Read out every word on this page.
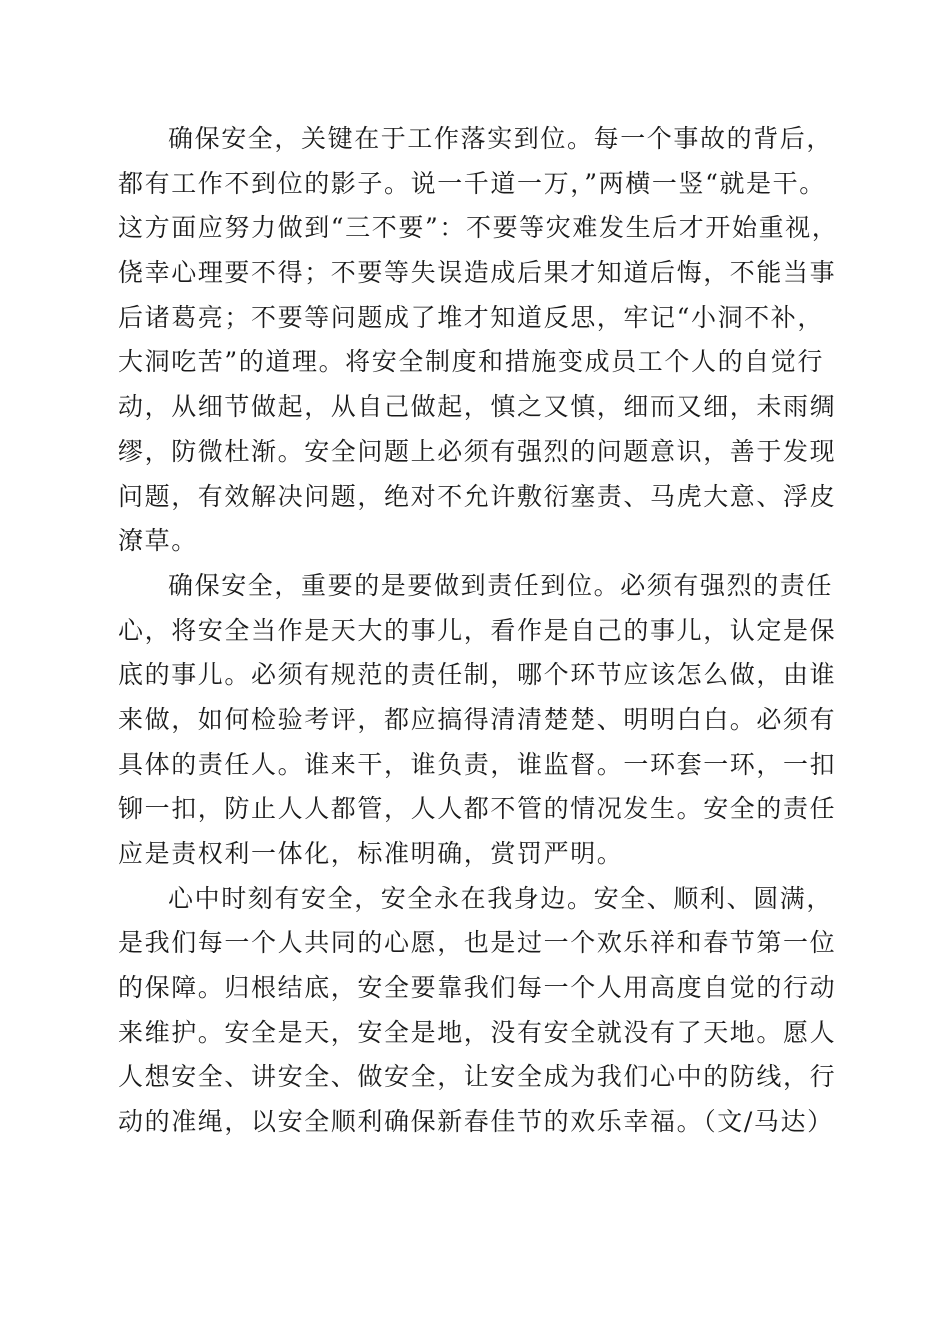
确保安全，关键在于工作落实到位。每一个事故的背后，
都有工作不到位的影子。说一千道一万，”两横一竖“就是干。
这方面应努力做到“三不要”：不要等灾难发生后才开始重视，
侥幸心理要不得；不要等失误造成后果才知道后悔，不能当事
后诸葛亮；不要等问题成了堆才知道反思，牢记“小洞不补，
大洞吃苦”的道理。将安全制度和措施变成员工个人的自觉行
动，从细节做起，从自己做起，慎之又慎，细而又细，未雨绸
缪，防微杜渐。安全问题上必须有强烈的问题意识，善于发现
问题，有效解决问题，绝对不允许敷衍塞责、马虎大意、浮皮
潦草。
确保安全，重要的是要做到责任到位。必须有强烈的责任
心，将安全当作是天大的事儿，看作是自己的事儿，认定是保
底的事儿。必须有规范的责任制，哪个环节应该怎么做，由谁
来做，如何检验考评，都应搞得清清楚楚、明明白白。必须有
具体的责任人。谁来干，谁负责，谁监督。一环套一环，一扣
铆一扣，防止人人都管，人人都不管的情况发生。安全的责任
应是责权利一体化，标准明确，赏罚严明。
心中时刻有安全，安全永在我身边。安全、顺利、圆满，
是我们每一个人共同的心愿，也是过一个欢乐祥和春节第一位
的保障。归根结底，安全要靠我们每一个人用高度自觉的行动
来维护。安全是天，安全是地，没有安全就没有了天地。愿人
人想安全、讲安全、做安全，让安全成为我们心中的防线，行
动的准绳，以安全顺利确保新春佳节的欢乐幸福。（文/马达）
